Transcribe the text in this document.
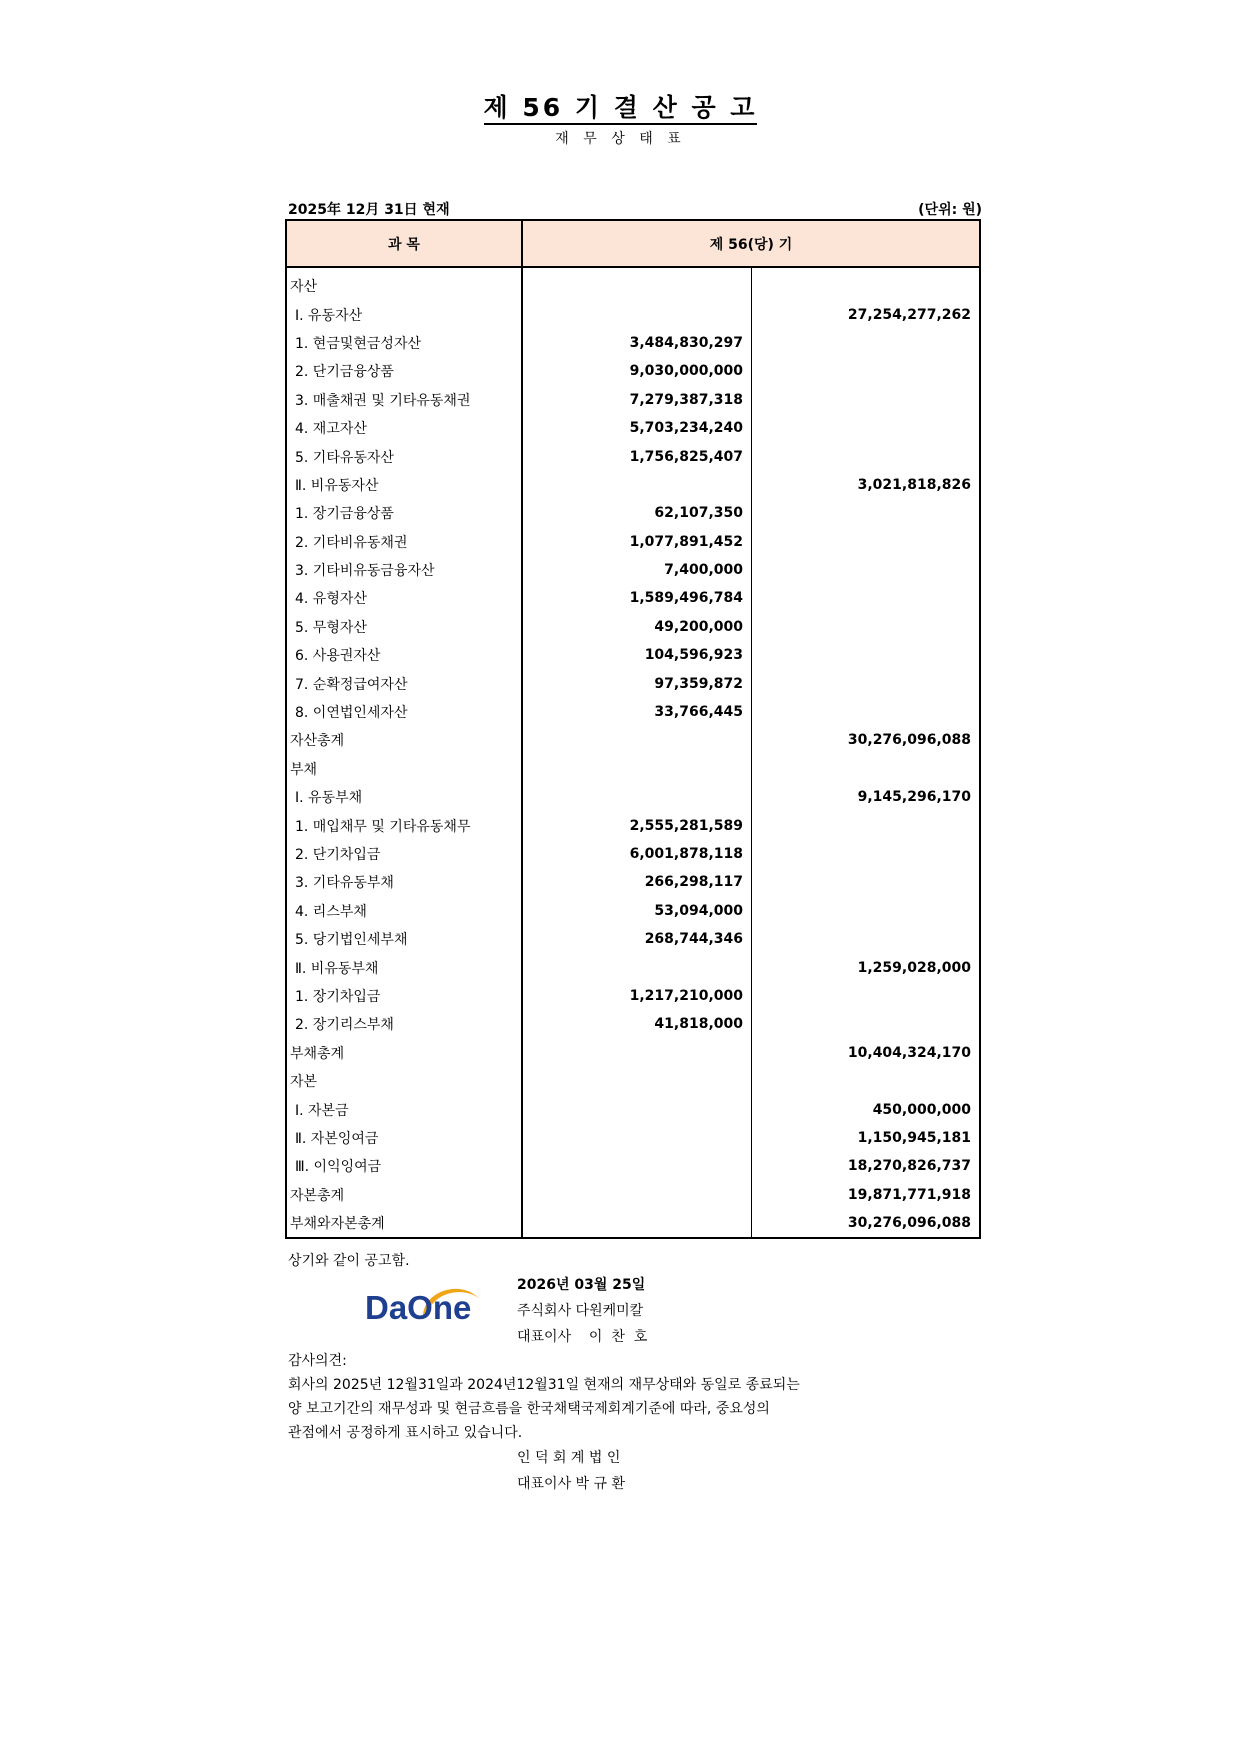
제 56 기 결 산 공 고
재 무 상 태 표
2025年 12月 31日 현재	(단위: 원)
과 목	제 56(당) 기	
자산		
Ⅰ. 유동자산		27,254,277,262
1. 현금및현금성자산	3,484,830,297	
2. 단기금융상품	9,030,000,000	
3. 매출채권 및 기타유동채권	7,279,387,318	
4. 재고자산	5,703,234,240	
5. 기타유동자산	1,756,825,407	
Ⅱ. 비유동자산		3,021,818,826
1. 장기금융상품	62,107,350	
2. 기타비유동채권	1,077,891,452	
3. 기타비유동금융자산	7,400,000	
4. 유형자산	1,589,496,784	
5. 무형자산	49,200,000	
6. 사용권자산	104,596,923	
7. 순확정급여자산	97,359,872	
8. 이연법인세자산	33,766,445	
자산총계		30,276,096,088
부채		
Ⅰ. 유동부채		9,145,296,170
1. 매입채무 및 기타유동채무	2,555,281,589	
2. 단기차입금	6,001,878,118	
3. 기타유동부채	266,298,117	
4. 리스부채	53,094,000	
5. 당기법인세부채	268,744,346	
Ⅱ. 비유동부채		1,259,028,000
1. 장기차입금	1,217,210,000	
2. 장기리스부채	41,818,000	
부채총계		10,404,324,170
자본		
Ⅰ. 자본금		450,000,000
Ⅱ. 자본잉여금		1,150,945,181
Ⅲ. 이익잉여금		18,270,826,737
자본총계		19,871,771,918
부채와자본총계		30,276,096,088
상기와 같이 공고함.
DaOne
2026년 03월 25일
주식회사 다원케미칼
대표이사    이  찬  호
감사의견:
회사의 2025년 12월31일과 2024년12월31일 현재의 재무상태와 동일로 종료되는
양 보고기간의 재무성과 및 현금흐름을 한국채택국제회계기준에 따라, 중요성의
관점에서 공정하게 표시하고 있습니다.
인 덕 회 계 법 인
대표이사 박 규 환
